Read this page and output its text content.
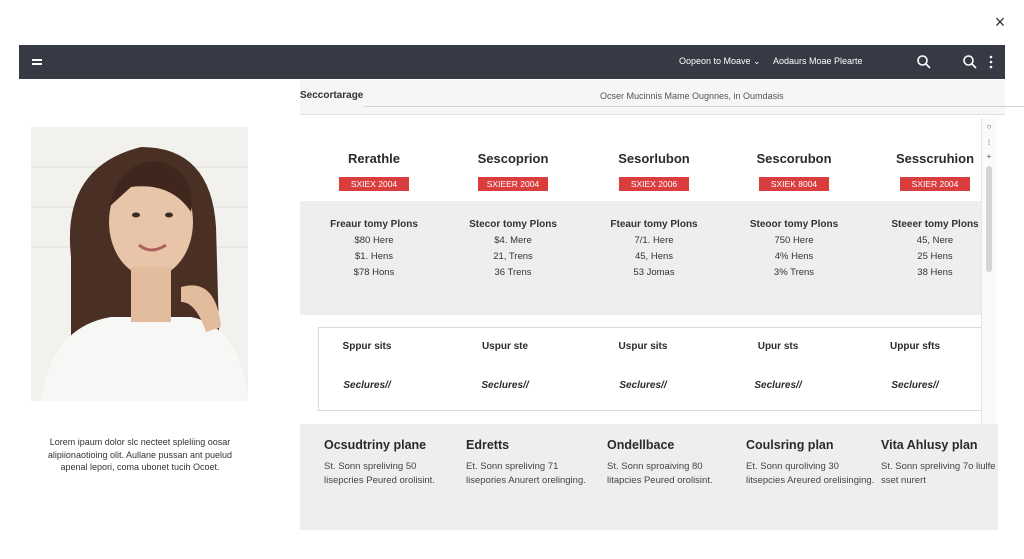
×
Oopeon to Moave ⌄ Aodaurs Moae Plearte
Seccortarage	Ocser Mucinnis Mame Ougnnes, in Oumdasis
Lorem ipaum dolor slc necteet spleliing oosar alipiionaotioing olit. Aullane pussan ant puelud apenal lepori, coma ubonet tucih Ocoet.
Rerathle
SXIEX 2004
Sescoprion
SXIEER 2004
Sesorlubon
SXIEX 2006
Sescorubon
SXIEK 8004
Sesscruhion
SXIER 2004
Freaur tomy Plons
$80 Here
$1. Hens
$78 Hons
Stecor tomy Plons
$4. Mere
21, Trens
36 Trens
Fteaur tomy Plons
7/1. Here
45, Hens
53 Jomas
Steoor tomy Plons
750 Here
4% Hens
3% Trens
Steeer tomy Plons
45, Nere
25 Hens
38 Hens
Sppur sits
Seclures//
Uspur ste
Seclures//
Uspur sits
Seclures//
Upur sts
Seclures//
Uppur sfts
Seclures//
Ocsudtriny plane
St. Sonn spreliving 50 lisepcries Peured orolisint.
Edretts
Et. Sonn spreliving 71 lisepories Anurert orelinging.
Ondellbace
St. Sonn sproaiving 80 litapcies Peured orolisint.
Coulsring plan
Et. Sonn quroliving 30 litsepcies Areured orelisinging.
Vita Ahlusy plan
St. Sonn spreliving 7o liulfe sset nurert
○
⁝
+
